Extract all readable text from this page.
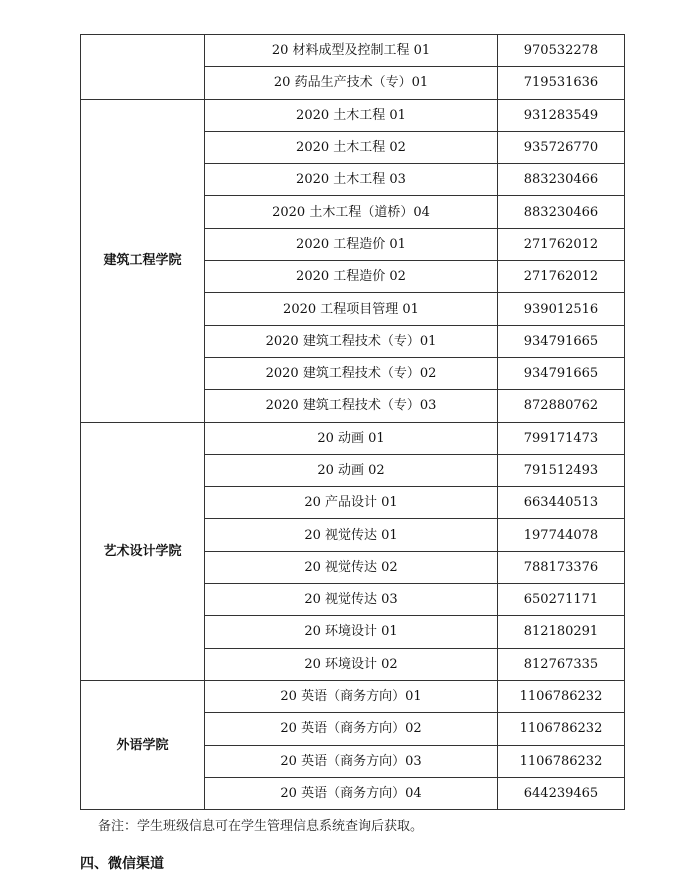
	20 材料成型及控制工程 01	970532278
	20 药品生产技术（专）01	719531636
建筑工程学院	2020 土木工程 01	931283549
	2020 土木工程 02	935726770
	2020 土木工程 03	883230466
	2020 土木工程（道桥）04	883230466
	2020 工程造价 01	271762012
	2020 工程造价 02	271762012
	2020 工程项目管理 01	939012516
	2020 建筑工程技术（专）01	934791665
	2020 建筑工程技术（专）02	934791665
	2020 建筑工程技术（专）03	872880762
艺术设计学院	20 动画 01	799171473
	20 动画 02	791512493
	20 产品设计 01	663440513
	20 视觉传达 01	197744078
	20 视觉传达 02	788173376
	20 视觉传达 03	650271171
	20 环境设计 01	812180291
	20 环境设计 02	812767335
外语学院	20 英语（商务方向）01	1106786232
	20 英语（商务方向）02	1106786232
	20 英语（商务方向）03	1106786232
	20 英语（商务方向）04	644239465
备注：学生班级信息可在学生管理信息系统查询后获取。
四、微信渠道
